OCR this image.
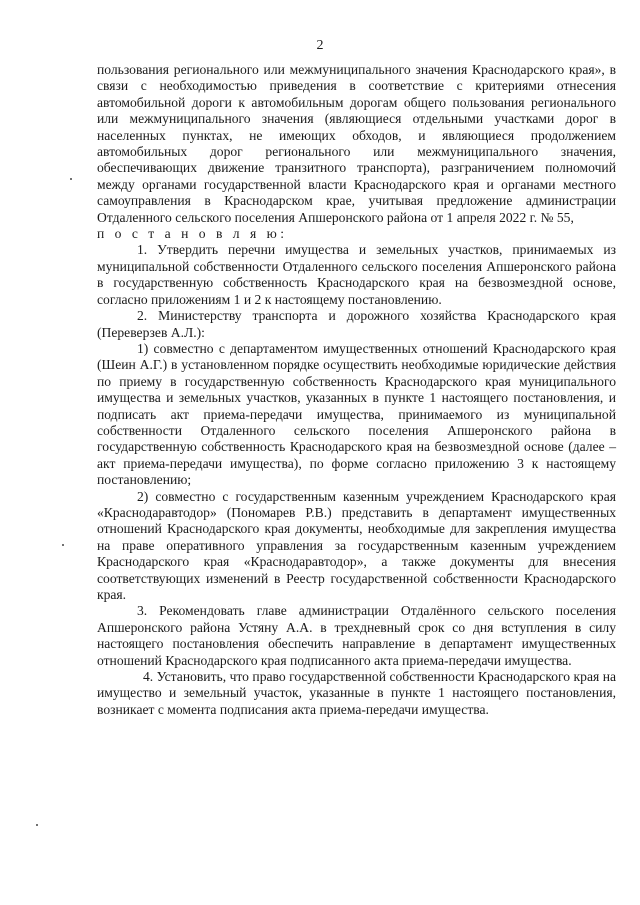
2

пользования регионального или межмуниципального значения Краснодарского края», в связи с необходимостью приведения в соответствие с критериями отнесения автомобильной дороги к автомобильным дорогам общего пользования регионального или межмуниципального значения (являющиеся отдельными участками дорог в населенных пунктах, не имеющих обходов, и являющиеся продолжением автомобильных дорог регионального или межмуниципального значения, обеспечивающих движение транзитного транспорта), разграничением полномочий между органами государственной власти Краснодарского края и органами местного самоуправления в Краснодарском крае, учитывая предложение администрации Отдаленного сельского поселения Апшеронского района от 1 апреля 2022 г. № 55,

п о с т а н о в л я ю:

1. Утвердить перечни имущества и земельных участков, принимаемых из муниципальной собственности Отдаленного сельского поселения Апшеронского района в государственную собственность Краснодарского края на безвозмездной основе, согласно приложениям 1 и 2 к настоящему постановлению.

2. Министерству транспорта и дорожного хозяйства Краснодарского края (Переверзев А.Л.):

1) совместно с департаментом имущественных отношений Краснодарского края (Шеин А.Г.) в установленном порядке осуществить необходимые юридические действия по приему в государственную собственность Краснодарского края муниципального имущества и земельных участков, указанных в пункте 1 настоящего постановления, и подписать акт приема-передачи имущества, принимаемого из муниципальной собственности Отдаленного сельского поселения Апшеронского района в государственную собственность Краснодарского края на безвозмездной основе (далее – акт приема-передачи имущества), по форме согласно приложению 3 к настоящему постановлению;

2) совместно с государственным казенным учреждением Краснодарского края «Краснодаравтодор» (Пономарев Р.В.) представить в департамент имущественных отношений Краснодарского края документы, необходимые для закрепления имущества на праве оперативного управления за государственным казенным учреждением Краснодарского края «Краснодаравтодор», а также документы для внесения соответствующих изменений в Реестр государственной собственности Краснодарского края.

3. Рекомендовать главе администрации Отдалённого сельского поселения Апшеронского района Устяну А.А. в трехдневный срок со дня вступления в силу настоящего постановления обеспечить направление в департамент имущественных отношений Краснодарского края подписанного акта приема-передачи имущества.

4. Установить, что право государственной собственности Краснодарского края на имущество и земельный участок, указанные в пункте 1 настоящего постановления, возникает с момента подписания акта приема-передачи имущества.
